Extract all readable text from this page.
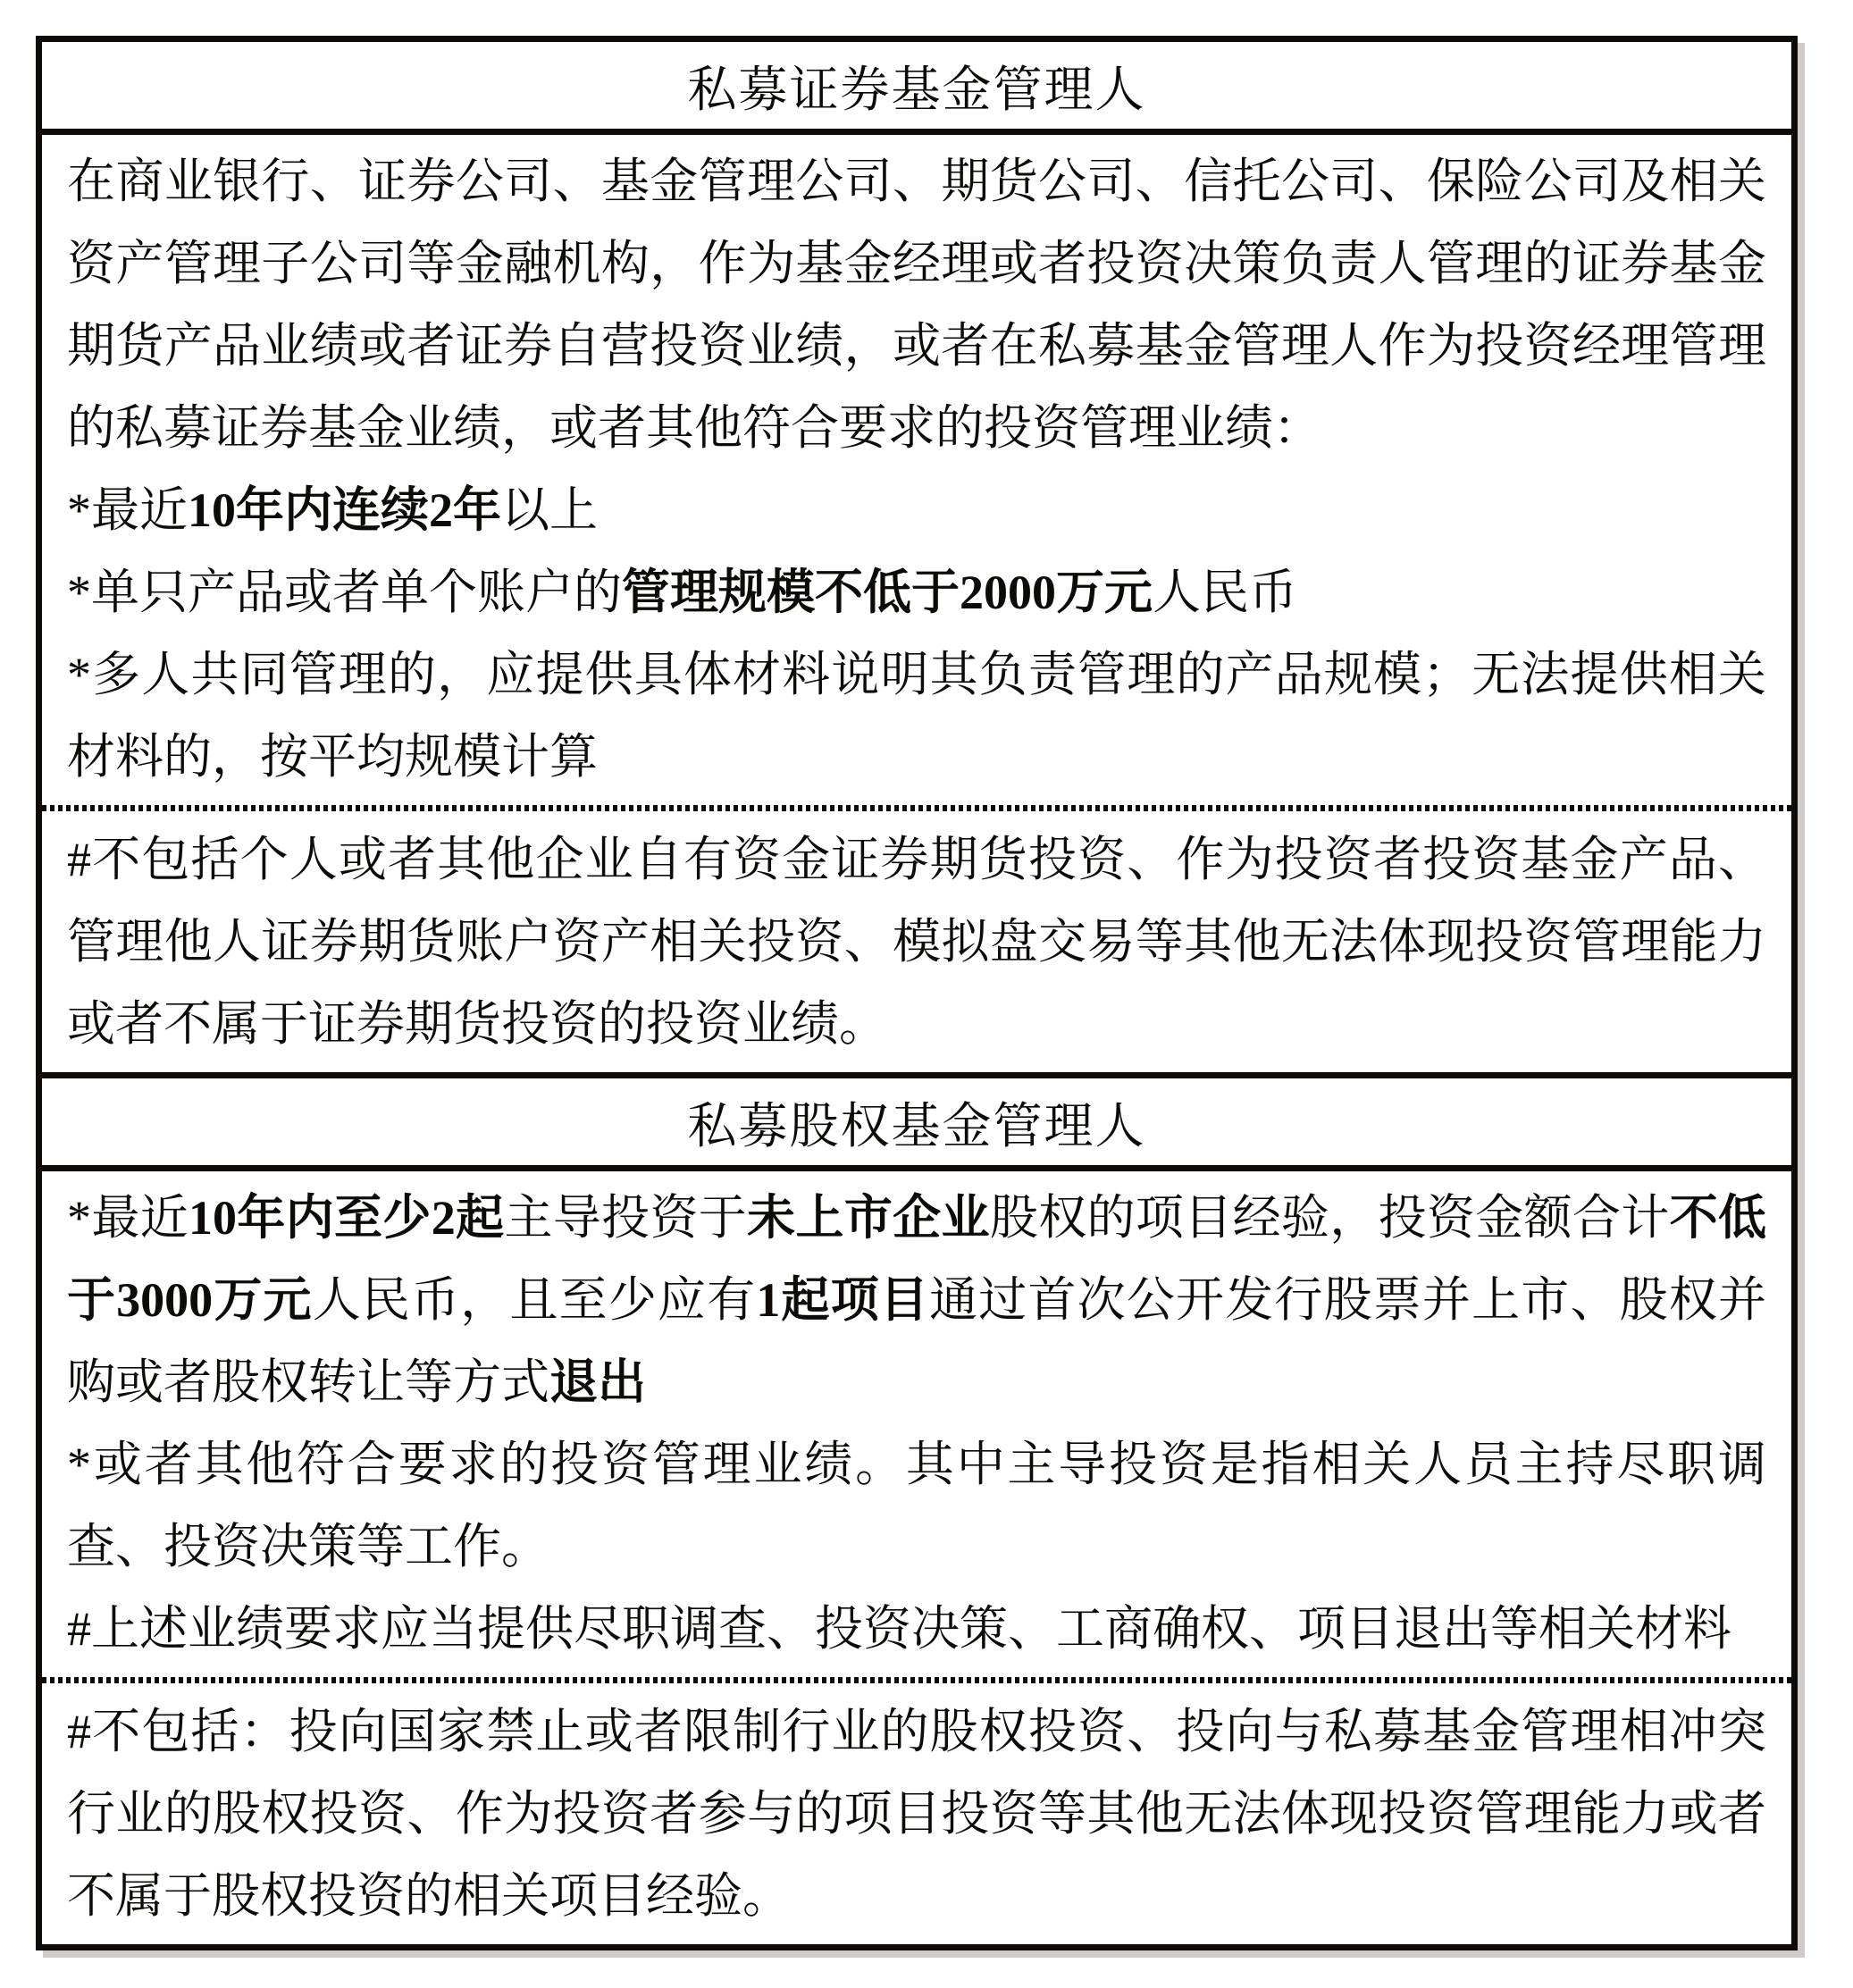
私募证券基金管理人

在商业银行、证券公司、基金管理公司、期货公司、信托公司、保险公司及相关资产管理子公司等金融机构，作为基金经理或者投资决策负责人管理的证券基金期货产品业绩或者证券自营投资业绩，或者在私募基金管理人作为投资经理管理的私募证券基金业绩，或者其他符合要求的投资管理业绩：

*最近10年内连续2年以上

*单只产品或者单个账户的管理规模不低于2000万元人民币

*多人共同管理的，应提供具体材料说明其负责管理的产品规模；无法提供相关材料的，按平均规模计算

#不包括个人或者其他企业自有资金证券期货投资、作为投资者投资基金产品、管理他人证券期货账户资产相关投资、模拟盘交易等其他无法体现投资管理能力或者不属于证券期货投资的投资业绩。

私募股权基金管理人

*最近10年内至少2起主导投资于未上市企业股权的项目经验，投资金额合计不低于3000万元人民币，且至少应有1起项目通过首次公开发行股票并上市、股权并购或者股权转让等方式退出

*或者其他符合要求的投资管理业绩。其中主导投资是指相关人员主持尽职调查、投资决策等工作。

#上述业绩要求应当提供尽职调查、投资决策、工商确权、项目退出等相关材料

#不包括：投向国家禁止或者限制行业的股权投资、投向与私募基金管理相冲突行业的股权投资、作为投资者参与的项目投资等其他无法体现投资管理能力或者不属于股权投资的相关项目经验。
